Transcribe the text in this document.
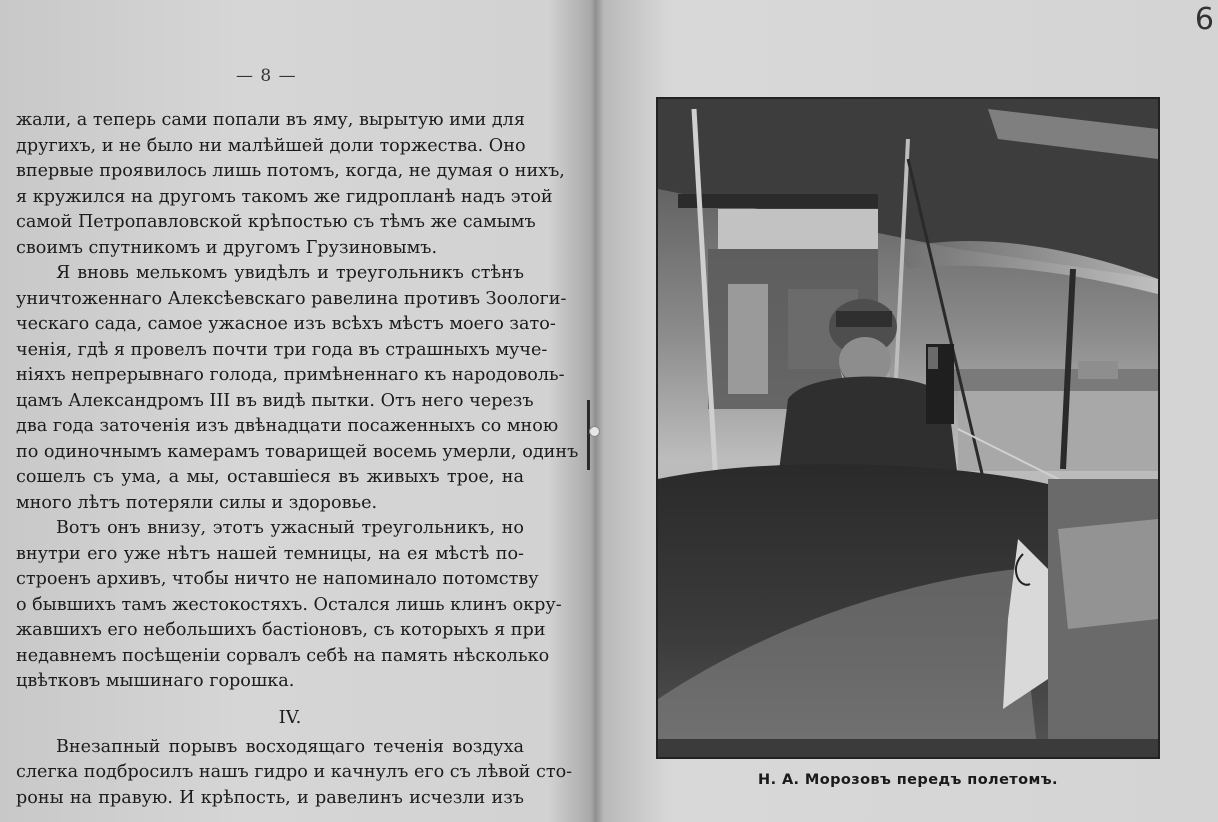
— 8 —
жали, а теперь сами попали въ яму, вырытую ими для
другихъ, и не было ни малѣйшей доли торжества. Оно
впервые проявилось лишь потомъ, когда, не думая о нихъ,
я кружился на другомъ такомъ же гидропланѣ надъ этой
самой Петропавловской крѣпостью съ тѣмъ же самымъ
своимъ спутникомъ и другомъ Грузиновымъ.
Я вновь мелькомъ увидѣлъ и треугольникъ стѣнъ
уничтоженнаго Алексѣевскаго равелина противъ Зоологи-
ческаго сада, самое ужасное изъ всѣхъ мѣстъ моего зато-
ченія, гдѣ я провелъ почти три года въ страшныхъ муче-
ніяхъ непрерывнаго голода, примѣненнаго къ народоволь-
цамъ Александромъ III въ видѣ пытки. Отъ него черезъ
два года заточенія изъ двѣнадцати посаженныхъ со мною
по одиночнымъ камерамъ товарищей восемь умерли, одинъ
сошелъ съ ума, а мы, оставшіеся въ живыхъ трое, на
много лѣтъ потеряли силы и здоровье.
Вотъ онъ внизу, этотъ ужасный треугольникъ, но
внутри его уже нѣтъ нашей темницы, на ея мѣстѣ по-
строенъ архивъ, чтобы ничто не напоминало потомству
о бывшихъ тамъ жестокостяхъ. Остался лишь клинъ окру-
жавшихъ его небольшихъ бастіоновъ, съ которыхъ я при
недавнемъ посѣщеніи сорвалъ себѣ на память нѣсколько
цвѣтковъ мышинаго горошка.
IV.
Внезапный порывъ восходящаго теченія воздуха
слегка подбросилъ нашъ гидро и качнулъ его съ лѣвой сто-
роны на правую. И крѣпость, и равелинъ исчезли изъ
6
Н. А. Морозовъ передъ полетомъ.
